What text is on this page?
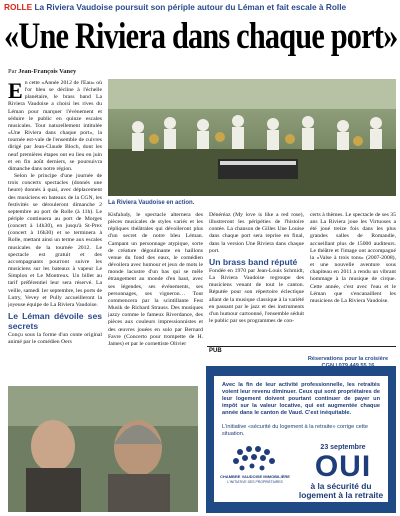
ROLLE La Riviera Vaudoise poursuit son périple autour du Léman et fait escale à Rolle
«Une Riviera dans chaque port»
Par Jean-François Vaney

En cette «Année 2012 de l'Eau» où l'or bleu se décline à l'échelle planétaire, le brass band La Riviera Vaudoise a choisi les rives du Léman pour marquer l'évènement et séduire le public en quinze escales musicales. Tout naturellement intitulée «Une Riviera dans chaque port», la tournée est-vale de l'ensemble de cuivres dirigé par Jean-Claude Bloch, dont les neuf premières étapes ont eu lieu en juin et en fin août derniers, se poursuivra dimanche dans notre région.

Selon le principe d'une journée de trois concerts spectacles (donnés une heure) donnés à quai, avec déplacement des musiciens en bateaux de la CGN, les festivités se dérouleront dimanche 2 septembre au port de Rolle (à 11h). Le périple continuera au port de Morges (concert à 14h30), en jusqu'à St-Prex (concert à 16h30) et se terminera à Rolle, mettant ainsi un terme aux escales musicales de la tournée 2012. Le spectacle est gratuit et des accompagnants pourront suivre les musiciens sur les bateaux à vapeur Le Simplon et Le Montreux. Un billet au tarif préférentiel leur sera réservé. La veille, samedi 1er septembre, les ports de Lutry, Vevey et Pully accueilleront la joyeuse équipe de La Riviera Vaudoise.

Le Léman dévoile ses secrets

Conçu sous la forme d'un conte original animé par le comédien Oers

La Riviera Vaudoise en action.

Kisfaludy, le spectacle alternera des pièces musicales de styles variés et les répliques théâtrales qui dévoileront plus d'un secret de notre bleu Léman. Campant un personnage atypique, sorte de créature dégoulinante en haillons venue du fond des eaux, le comédien dévoilera avec humour et jeux de mots le monde lacustre d'un bas qui se mêle étrangement au monde d'en haut, avec ses légendes, ses événements, ses personnages, ses vigneron… Tout commencera par la scintillante Fest Musik de Richard Strauss. Des musiques jazzy comme le fameux Riverdance, des pièces aux couleurs impressionnistes et des œuvres jouées en solo par Bernard Favre (Concerto pour trompette de H. James) et par le cornettiste Olivier

Dénéréaz (My love is like a red rose), illustreront les péripéties de l'histoire contée. La chanson de Gilles Une Louise dans chaque port sera reprise en final, dans la version Une Riviera dans chaque port.

Un brass band réputé

Fondée en 1970 par Jean-Louis Schmidt, La Riviera Vaudoise regroupe des musiciens venant de tout le canton. Réputée pour son répertoire éclectique allant de la musique classique à la variété en passant par le jazz et des instruments d'un humour cartoonné, l'ensemble séduit le public par ses programmes de con-

certs à thèmes. Le spectacle de ses 35 ans La Riviera joue les Virtuoses a été joué treize fois dans les plus grandes salles de Romandie, accueillant plus de 15000 auditeurs. Le théâtre et l'image ont accompagné la «Valse à trois tons» (2007-2008), et une nouvelle aventure sous chapiteau en 2011 a rendu un vibrant hommage à la musique de cirque. Cette année, c'est avec l'eau et le Léman que s'encanaillent les musiciens de La Riviera Vaudoise.

Réservations pour la croisière
PUB
Avec la fin de leur activité professionnelle, les retraités voient leur revenu diminuer. Ceux qui sont propriétaires de leur logement doivent pourtant continuer de payer un impôt sur la valeur locative, qui est augmentée chaque année dans le canton de Vaud. C'est inéquitable.
L'initiative «sécurité du logement à la retraite» corrige cette situation.
CHAMBRE VAUDOISE IMMOBILIÈRE
L'INITIATIVE DES PROPRIÉTAIRES
23 septembre
OUI
à la sécurité du logement à la retraite
